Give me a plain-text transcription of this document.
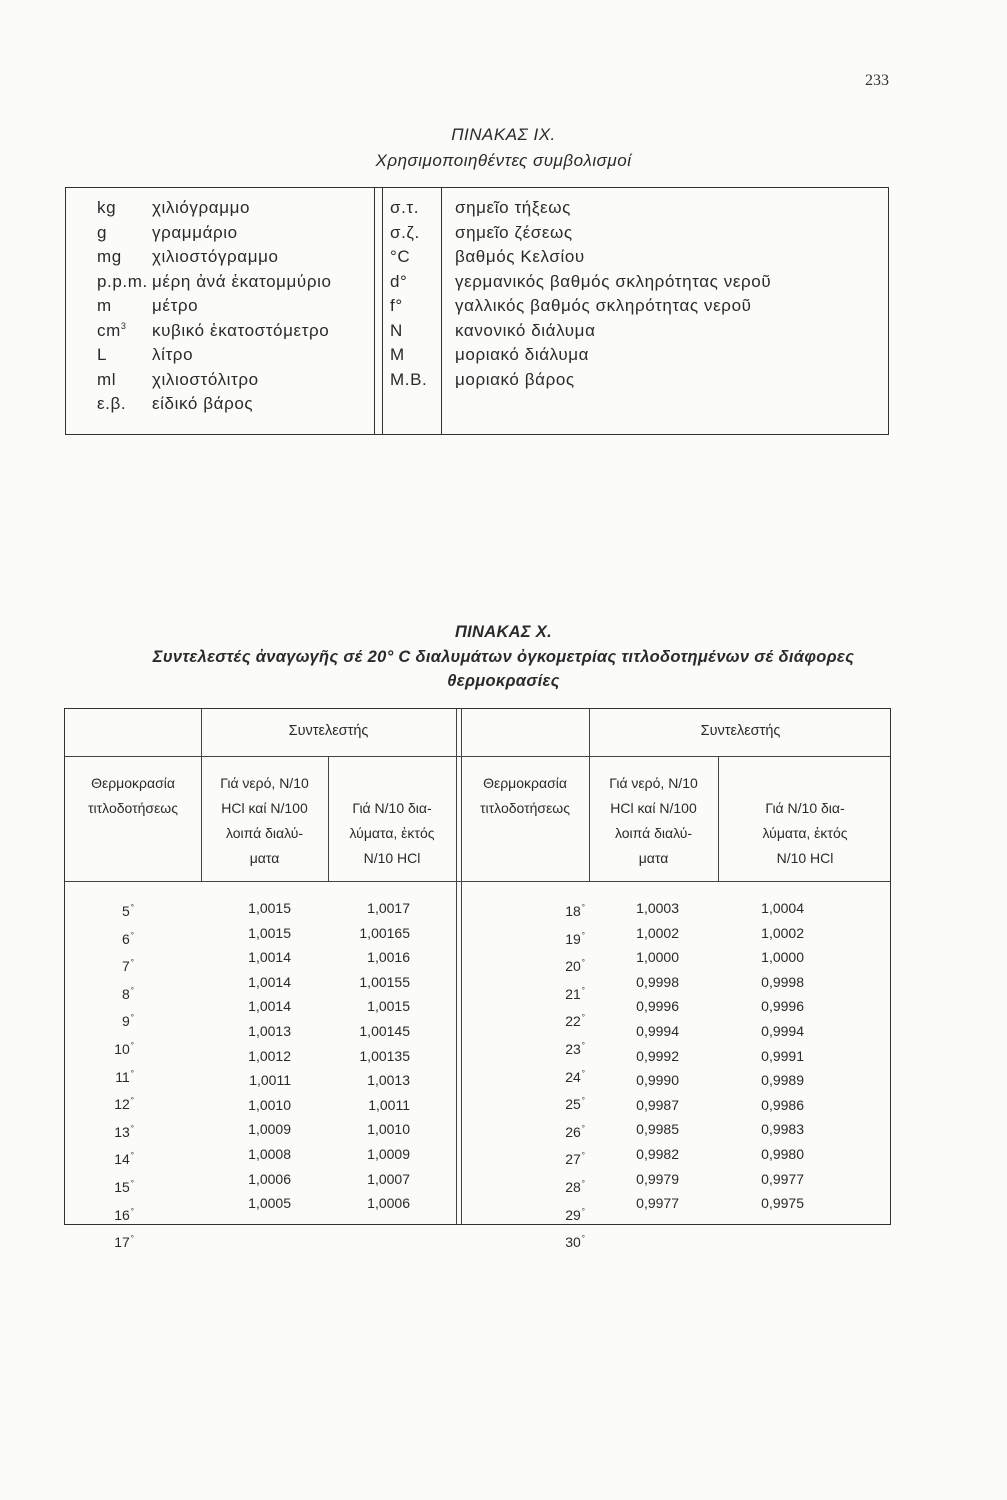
233
ΠΙΝΑΚΑΣ ΙΧ.
Χρησιμοποιηθέντες συμβολισμοί
kg
g
mg
p.p.m.
m
$cm^3$
L
ml
ε.β.
χιλιόγραμμο
γραμμάριο
χιλιοστόγραμμο
μέρη ἀνά ἑκατομμύριο
μέτρο
κυβικό ἑκατοστόμετρο
λίτρο
χιλιοστόλιτρο
είδικό βάρος
σ.τ.
σ.ζ.
°C
d°
f°
N
M
M.B.
σημεῖο τήξεως
σημεῖο ζέσεως
βαθμός Κελσίου
γερμανικός βαθμός σκληρότητας νεροῦ
γαλλικός βαθμός σκληρότητας νεροῦ
κανονικό διάλυμα
μοριακό διάλυμα
μοριακό βάρος
ΠΙΝΑΚΑΣ Χ.
Συντελεστές ἀναγωγῆς σέ 20° C διαλυμάτων ὀγκομετρίας τιτλοδοτημένων σέ διάφορες
θερμοκρασίες
Συντελεστής	Συντελεστής
Θερμοκρασία
τιτλοδοτήσεως
Γιά νερό, Ν/10
HCl καί Ν/100
λοιπά διαλύ-
ματα
Γιά Ν/10 δια-
λύματα, ἐκτός
Ν/10 HCl
Θερμοκρασία
τιτλοδοτήσεως
Γιά νερό, Ν/10
HCl καί Ν/100
λοιπά διαλύ-
ματα
Γιά Ν/10 δια-
λύματα, ἐκτός
Ν/10 HCl
5°
6°
7°
8°
9°
10°
11°
12°
13°
14°
15°
16°
17°
1,0015
1,0015
1,0014
1,0014
1,0014
1,0013
1,0012
1,0011
1,0010
1,0009
1,0008
1,0006
1,0005
1,0017
1,00165
1,0016
1,00155
1,0015
1,00145
1,00135
1,0013
1,0011
1,0010
1,0009
1,0007
1,0006
18°
19°
20°
21°
22°
23°
24°
25°
26°
27°
28°
29°
30°
1,0003
1,0002
1,0000
0,9998
0,9996
0,9994
0,9992
0,9990
0,9987
0,9985
0,9982
0,9979
0,9977
1,0004
1,0002
1,0000
0,9998
0,9996
0,9994
0,9991
0,9989
0,9986
0,9983
0,9980
0,9977
0,9975
